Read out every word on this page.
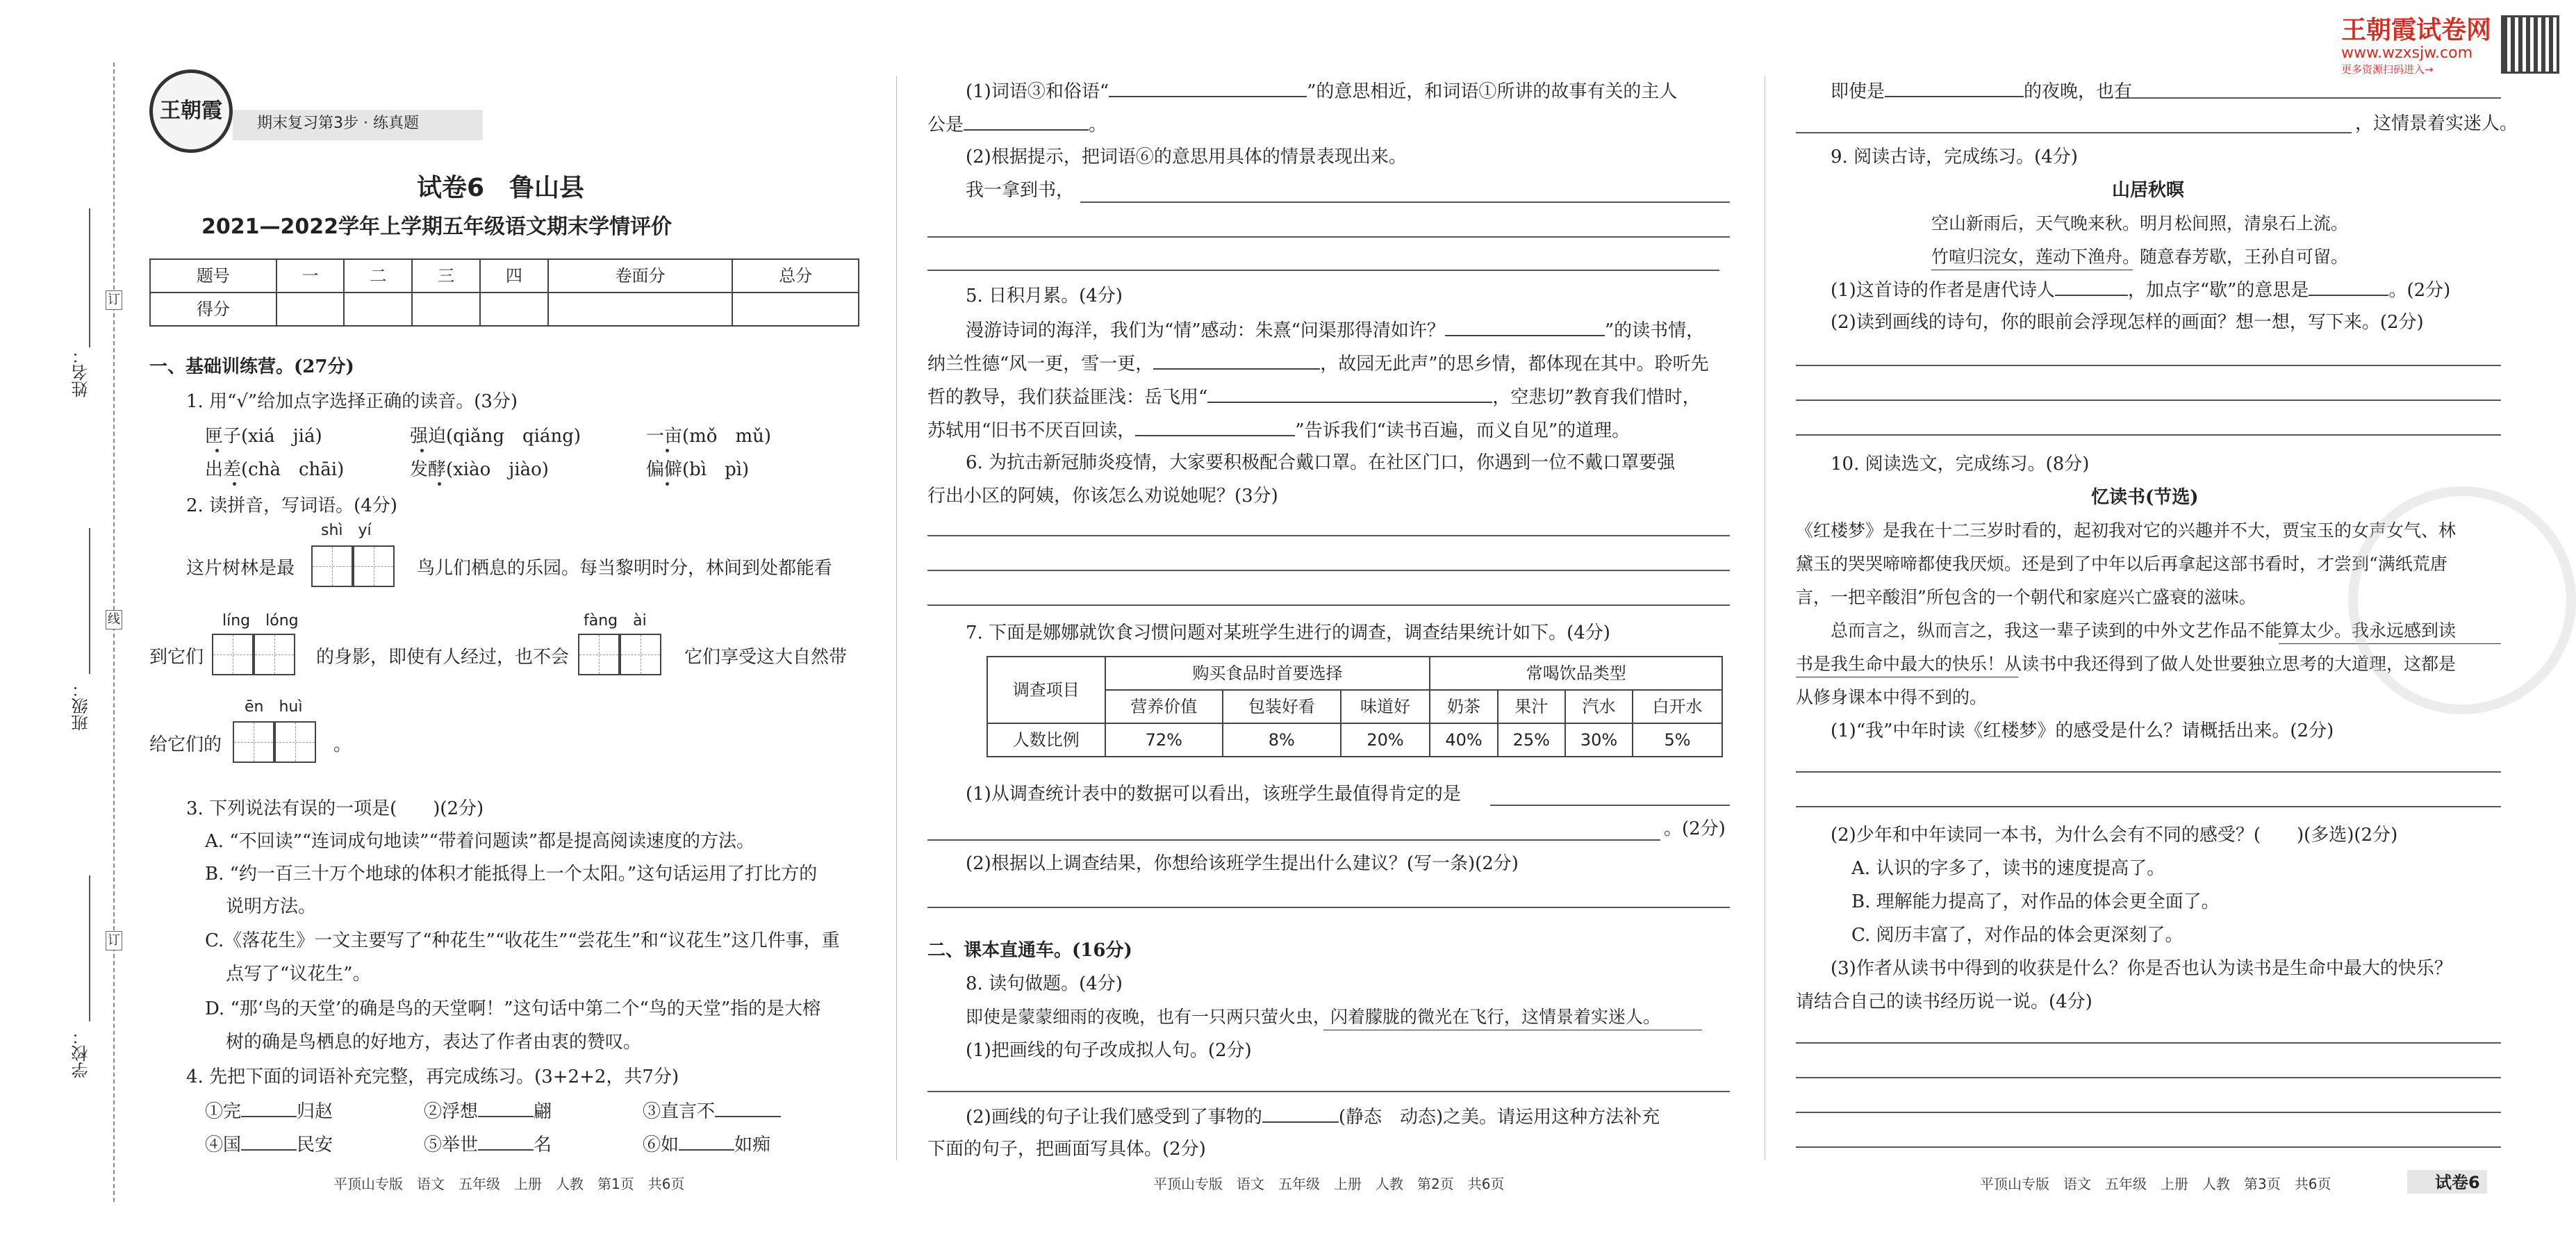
王朝霞试卷网
www.wzxsjw.com
更多资源扫码进入→
姓名：
班级：
学校：
订
线
订
王朝霞
期末复习第3步 · 练真题
试卷6　鲁山县
2021—2022学年上学期五年级语文期末学情评价
题号	一	二	三	四	卷面分	总分
得分						
一、基础训练营。(27分)
1. 用“√”给加点字选择正确的读音。(3分)
匣子(xiá　jiá)	强迫(qiǎng　qiáng)	一亩(mǒ　mǔ)
出差(chà　chāi)	发酵(xiào　jiào)	偏僻(bì　pì)
2. 读拼音，写词语。(4分)
shì　yí
这片树林是最	鸟儿们栖息的乐园。每当黎明时分，林间到处都能看
líng　lóng	fàng　ài
到它们	的身影，即使有人经过，也不会	它们享受这大自然带
ēn　huì
给它们的	。
3. 下列说法有误的一项是(　　)(2分)
A. “不回读”“连词成句地读”“带着问题读”都是提高阅读速度的方法。
B. “约一百三十万个地球的体积才能抵得上一个太阳。”这句话运用了打比方的
说明方法。
C.《落花生》一文主要写了“种花生”“收花生”“尝花生”和“议花生”这几件事，重
点写了“议花生”。
D. “那‘鸟的天堂’的确是鸟的天堂啊！”这句话中第二个“鸟的天堂”指的是大榕
树的确是鸟栖息的好地方，表达了作者由衷的赞叹。
4. 先把下面的词语补充完整，再完成练习。(3+2+2，共7分)
①完	归赵	②浮想	翩	③直言不
④国	民安	⑤举世	名	⑥如	如痴
平顶山专版　语文　五年级　上册　人教　第1页　共6页
(1)词语③和俗语“	”的意思相近，和词语①所讲的故事有关的主人
公是	。
(2)根据提示，把词语⑥的意思用具体的情景表现出来。
我一拿到书，
5. 日积月累。(4分)
漫游诗词的海洋，我们为“情”感动：朱熹“问渠那得清如许？	”的读书情，
纳兰性德“风一更，雪一更，	，故园无此声”的思乡情，都体现在其中。聆听先
哲的教导，我们获益匪浅：岳飞用“	，空悲切”教育我们惜时，
苏轼用“旧书不厌百回读，	”告诉我们“读书百遍，而义自见”的道理。
6. 为抗击新冠肺炎疫情，大家要积极配合戴口罩。在社区门口，你遇到一位不戴口罩要强
行出小区的阿姨，你该怎么劝说她呢？(3分)
7. 下面是娜娜就饮食习惯问题对某班学生进行的调查，调查结果统计如下。(4分)
调查项目	购买食品时首要选择			常喝饮品类型			
	营养价值	包装好看	味道好	奶茶	果汁	汽水	白开水
人数比例	72%	8%	20%	40%	25%	30%	5%
(1)从调查统计表中的数据可以看出，该班学生最值得肯定的是
。(2分)
(2)根据以上调查结果，你想给该班学生提出什么建议？(写一条)(2分)
二、课本直通车。(16分)
8. 读句做题。(4分)
即使是蒙蒙细雨的夜晚，也有一只两只萤火虫，闪着朦胧的微光在飞行，这情景着实迷人。
(1)把画线的句子改成拟人句。(2分)
(2)画线的句子让我们感受到了事物的	(静态　动态)之美。请运用这种方法补充
下面的句子，把画面写具体。(2分)
平顶山专版　语文　五年级　上册　人教　第2页　共6页
即使是	的夜晚，也有
，这情景着实迷人。
9. 阅读古诗，完成练习。(4分)
山居秋暝
空山新雨后，天气晚来秋。明月松间照，清泉石上流。
竹喧归浣女，莲动下渔舟。随意春芳歇，王孙自可留。
(1)这首诗的作者是唐代诗人	，加点字“歇”的意思是	。(2分)
(2)读到画线的诗句，你的眼前会浮现怎样的画面？想一想，写下来。(2分)
10. 阅读选文，完成练习。(8分)
忆读书(节选)
《红楼梦》是我在十二三岁时看的，起初我对它的兴趣并不大，贾宝玉的女声女气、林
黛玉的哭哭啼啼都使我厌烦。还是到了中年以后再拿起这部书看时，才尝到“满纸荒唐
言，一把辛酸泪”所包含的一个朝代和家庭兴亡盛衰的滋味。
总而言之，纵而言之，我这一辈子读到的中外文艺作品不能算太少。我永远感到读
书是我生命中最大的快乐！从读书中我还得到了做人处世要独立思考的大道理，这都是
从修身课本中得不到的。
(1)“我”中年时读《红楼梦》的感受是什么？请概括出来。(2分)
(2)少年和中年读同一本书，为什么会有不同的感受？(　　)(多选)(2分)
A. 认识的字多了，读书的速度提高了。
B. 理解能力提高了，对作品的体会更全面了。
C. 阅历丰富了，对作品的体会更深刻了。
(3)作者从读书中得到的收获是什么？你是否也认为读书是生命中最大的快乐？
请结合自己的读书经历说一说。(4分)
平顶山专版　语文　五年级　上册　人教　第3页　共6页	试卷6
